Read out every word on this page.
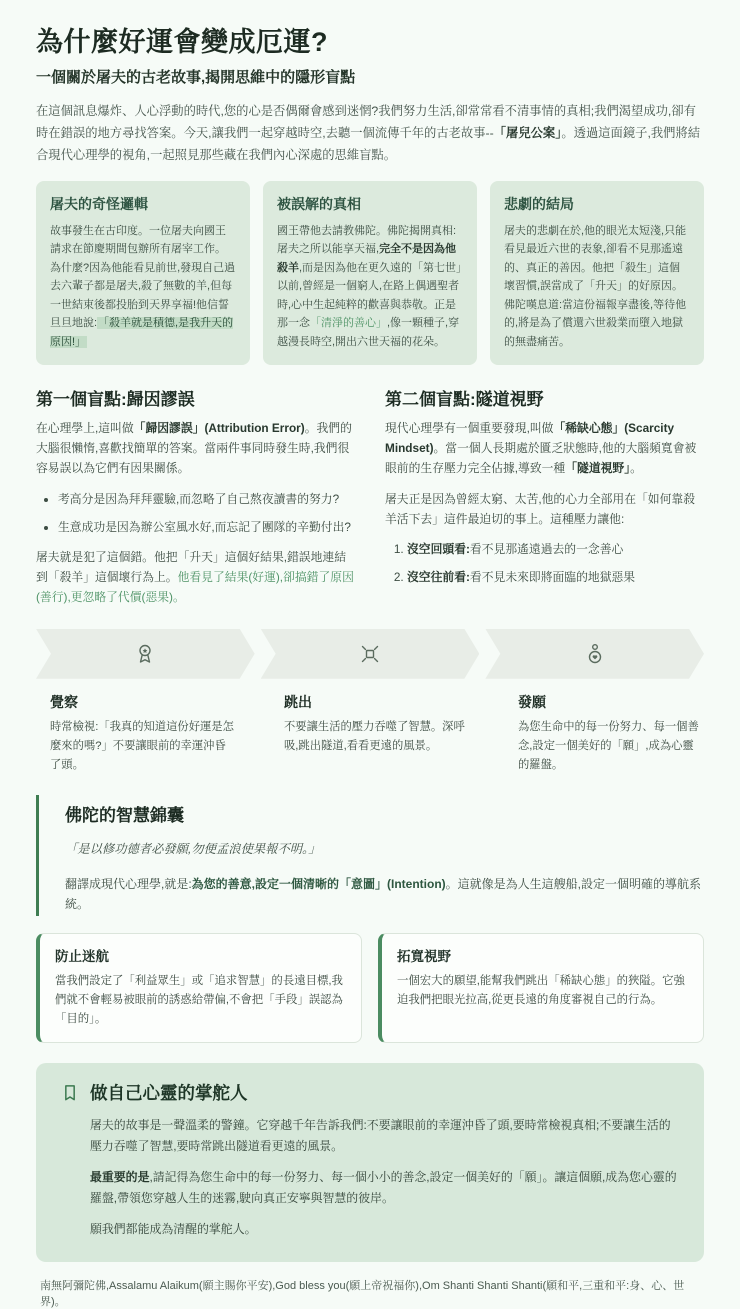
為什麼好運會變成厄運?
一個關於屠夫的古老故事,揭開思維中的隱形盲點

在這個訊息爆炸、人心浮動的時代,您的心是否偶爾會感到迷惘?我們努力生活,卻常常看不清事情的真相;我們渴望成功,卻有時在錯誤的地方尋找答案。今天,讓我們一起穿越時空,去聽一個流傳千年的古老故事--「屠兒公案」。透過這面鏡子,我們將結合現代心理學的視角,一起照見那些藏在我們內心深處的思維盲點。

屠夫的奇怪邏輯

故事發生在古印度。一位屠夫向國王請求在節慶期間包辦所有屠宰工作。為什麼?因為他能看見前世,發現自己過去六輩子都是屠夫,殺了無數的羊,但每一世結束後都投胎到天界享福!他信誓旦旦地說:「殺羊就是積德,是我升天的原因!」

被誤解的真相

國王帶他去請教佛陀。佛陀揭開真相:屠夫之所以能享天福,完全不是因為他殺羊,而是因為他在更久遠的「第七世」以前,曾經是一個窮人,在路上偶遇聖者時,心中生起純粹的歡喜與恭敬。正是那一念「清淨的善心」,像一顆種子,穿越漫長時空,開出六世天福的花朵。

悲劇的結局

屠夫的悲劇在於,他的眼光太短淺,只能看見最近六世的表象,卻看不見那遙遠的、真正的善因。他把「殺生」這個壞習慣,誤當成了「升天」的好原因。佛陀嘆息道:當這份福報享盡後,等待他的,將是為了償還六世殺業而墮入地獄的無盡痛苦。

第一個盲點:歸因謬誤

在心理學上,這叫做「歸因謬誤」(Attribution Error)。我們的大腦很懶惰,喜歡找簡單的答案。當兩件事同時發生時,我們很容易誤以為它們有因果關係。

• 考高分是因為拜拜靈驗,而忽略了自己熬夜讀書的努力?
• 生意成功是因為辦公室風水好,而忘記了團隊的辛勤付出?

屠夫就是犯了這個錯。他把「升天」這個好結果,錯誤地連結到「殺羊」這個壞行為上。他看見了結果(好運),卻搞錯了原因(善行),更忽略了代價(惡果)。

第二個盲點:隧道視野

現代心理學有一個重要發現,叫做「稀缺心態」(Scarcity Mindset)。當一個人長期處於匱乏狀態時,他的大腦頻寬會被眼前的生存壓力完全佔據,導致一種「隧道視野」。

屠夫正是因為曾經太窮、太苦,他的心力全部用在「如何靠殺羊活下去」這件最迫切的事上。這種壓力讓他:

1. 沒空回頭看:看不見那遙遠過去的一念善心
2. 沒空往前看:看不見未來即將面臨的地獄惡果
覺察

時常檢視:「我真的知道這份好運是怎麼來的嗎?」不要讓眼前的幸運沖昏了頭。

跳出

不要讓生活的壓力吞噬了智慧。深呼吸,跳出隧道,看看更遠的風景。

發願

為您生命中的每一份努力、每一個善念,設定一個美好的「願」,成為心靈的羅盤。

佛陀的智慧錦囊

「是以修功德者必發願,勿便孟浪使果報不明。」

翻譯成現代心理學,就是:為您的善意,設定一個清晰的「意圖」(Intention)。這就像是為人生這艘船,設定一個明確的導航系統。

防止迷航

當我們設定了「利益眾生」或「追求智慧」的長遠目標,我們就不會輕易被眼前的誘惑給帶偏,不會把「手段」誤認為「目的」。

拓寬視野

一個宏大的願望,能幫我們跳出「稀缺心態」的狹隘。它強迫我們把眼光拉高,從更長遠的角度審視自己的行為。

做自己心靈的掌舵人

屠夫的故事是一聲溫柔的警鐘。它穿越千年告訴我們:不要讓眼前的幸運沖昏了頭,要時常檢視真相;不要讓生活的壓力吞噬了智慧,要時常跳出隧道看更遠的風景。

最重要的是,請記得為您生命中的每一份努力、每一個小小的善念,設定一個美好的「願」。讓這個願,成為您心靈的羅盤,帶領您穿越人生的迷霧,駛向真正安寧與智慧的彼岸。

願我們都能成為清醒的掌舵人。

南無阿彌陀佛,Assalamu Alaikum(願主賜你平安),God bless you(願上帝祝福你),Om Shanti Shanti Shanti(願和平,三重和平:身、心、世界)。
